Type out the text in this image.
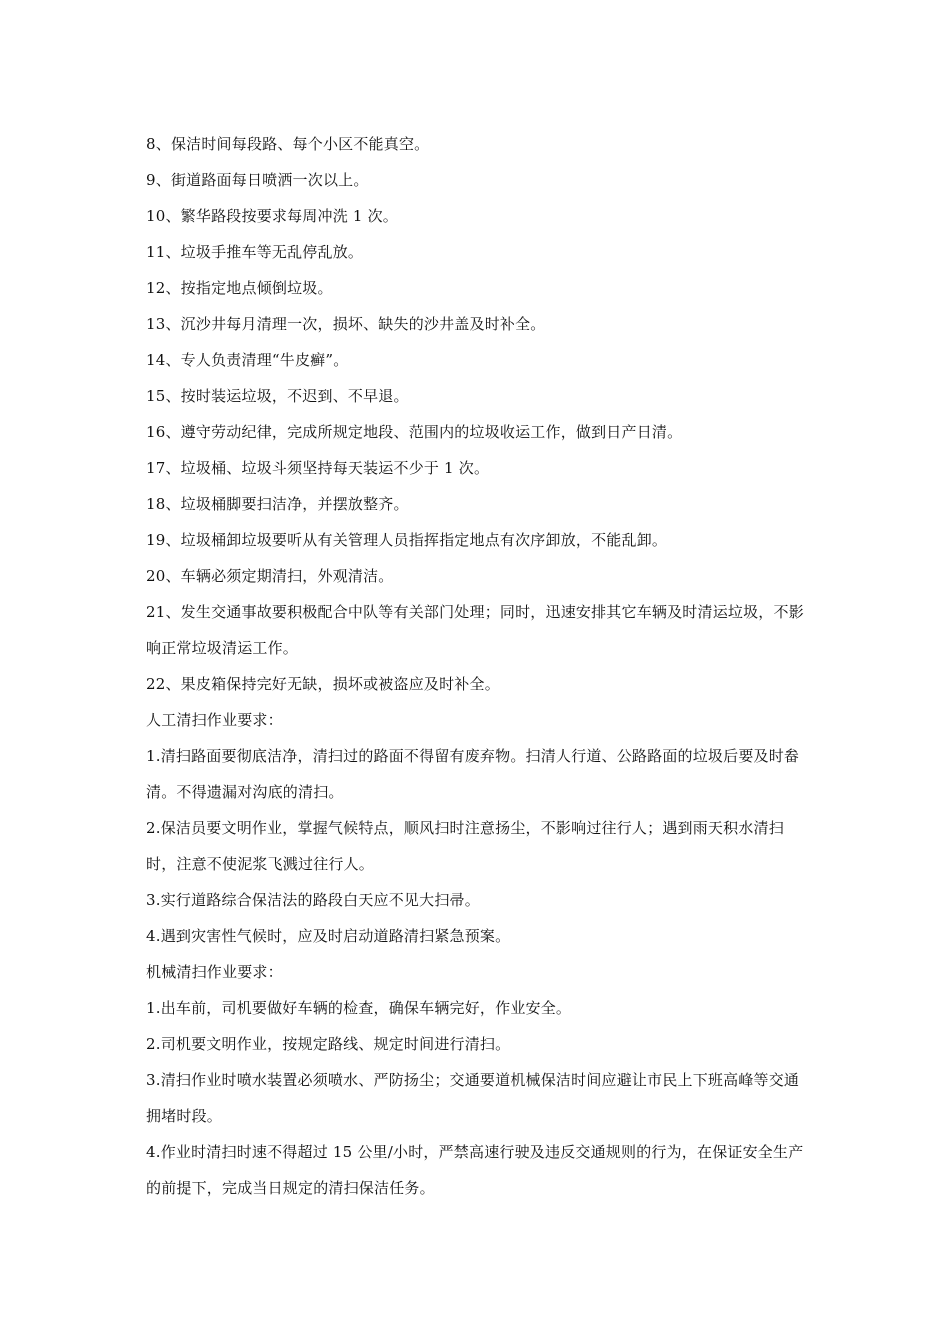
8、保洁时间每段路、每个小区不能真空。

9、街道路面每日喷洒一次以上。

10、繁华路段按要求每周冲洗 1 次。

11、垃圾手推车等无乱停乱放。

12、按指定地点倾倒垃圾。

13、沉沙井每月清理一次，损坏、缺失的沙井盖及时补全。

14、专人负责清理“牛皮癣”。

15、按时装运垃圾，不迟到、不早退。

16、遵守劳动纪律，完成所规定地段、范围内的垃圾收运工作，做到日产日清。

17、垃圾桶、垃圾斗须坚持每天装运不少于 1 次。

18、垃圾桶脚要扫洁净，并摆放整齐。

19、垃圾桶卸垃圾要听从有关管理人员指挥指定地点有次序卸放，不能乱卸。

20、车辆必须定期清扫，外观清洁。

21、发生交通事故要积极配合中队等有关部门处理；同时，迅速安排其它车辆及时清运垃圾，不影响正常垃圾清运工作。

22、果皮箱保持完好无缺，损坏或被盗应及时补全。

人工清扫作业要求：

1.清扫路面要彻底洁净，清扫过的路面不得留有废弃物。扫清人行道、公路路面的垃圾后要及时畚清。不得遗漏对沟底的清扫。

2.保洁员要文明作业，掌握气候特点，顺风扫时注意扬尘，不影响过往行人；遇到雨天积水清扫时，注意不使泥浆飞溅过往行人。

3.实行道路综合保洁法的路段白天应不见大扫帚。

4.遇到灾害性气候时，应及时启动道路清扫紧急预案。

机械清扫作业要求：

1.出车前，司机要做好车辆的检查，确保车辆完好，作业安全。

2.司机要文明作业，按规定路线、规定时间进行清扫。

3.清扫作业时喷水装置必须喷水、严防扬尘；交通要道机械保洁时间应避让市民上下班高峰等交通拥堵时段。

4.作业时清扫时速不得超过 15 公里/小时，严禁高速行驶及违反交通规则的行为，在保证安全生产的前提下，完成当日规定的清扫保洁任务。
